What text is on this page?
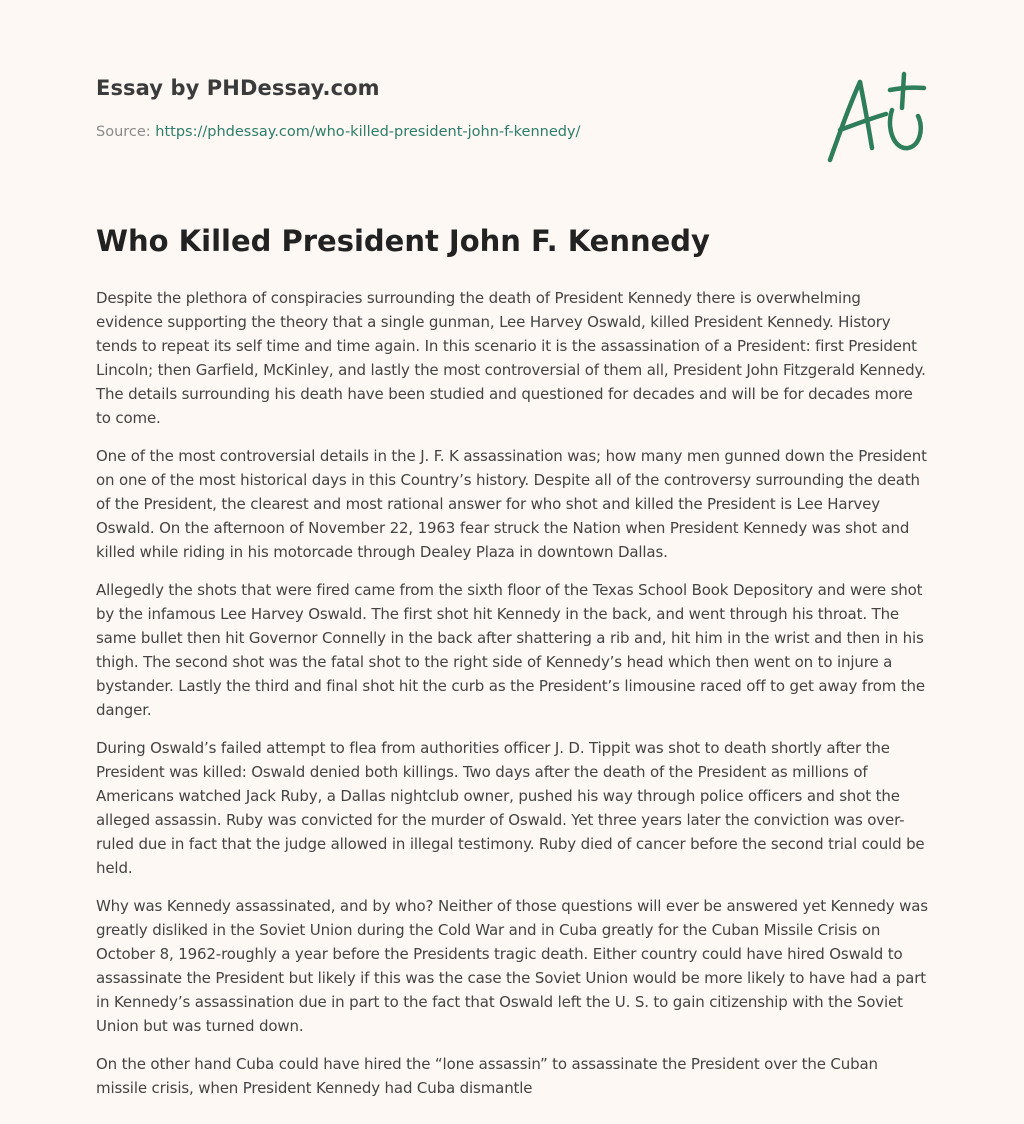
Essay by PHDessay.com
Source: https://phdessay.com/who-killed-president-john-f-kennedy/
Who Killed President John F. Kennedy

Despite the plethora of conspiracies surrounding the death of President Kennedy there is overwhelming evidence supporting the theory that a single gunman, Lee Harvey Oswald, killed President Kennedy. History tends to repeat its self time and time again. In this scenario it is the assassination of a President: first President Lincoln; then Garfield, McKinley, and lastly the most controversial of them all, President John Fitzgerald Kennedy. The details surrounding his death have been studied and questioned for decades and will be for decades more to come.

One of the most controversial details in the J. F. K assassination was; how many men gunned down the President on one of the most historical days in this Country’s history. Despite all of the controversy surrounding the death of the President, the clearest and most rational answer for who shot and killed the President is Lee Harvey Oswald. On the afternoon of November 22, 1963 fear struck the Nation when President Kennedy was shot and killed while riding in his motorcade through Dealey Plaza in downtown Dallas.

Allegedly the shots that were fired came from the sixth floor of the Texas School Book Depository and were shot by the infamous Lee Harvey Oswald. The first shot hit Kennedy in the back, and went through his throat. The same bullet then hit Governor Connelly in the back after shattering a rib and, hit him in the wrist and then in his thigh. The second shot was the fatal shot to the right side of Kennedy’s head which then went on to injure a bystander. Lastly the third and final shot hit the curb as the President’s limousine raced off to get away from the danger.

During Oswald’s failed attempt to flea from authorities officer J. D. Tippit was shot to death shortly after the President was killed: Oswald denied both killings. Two days after the death of the President as millions of Americans watched Jack Ruby, a Dallas nightclub owner, pushed his way through police officers and shot the alleged assassin. Ruby was convicted for the murder of Oswald. Yet three years later the conviction was over-ruled due in fact that the judge allowed in illegal testimony. Ruby died of cancer before the second trial could be held.

Why was Kennedy assassinated, and by who? Neither of those questions will ever be answered yet Kennedy was greatly disliked in the Soviet Union during the Cold War and in Cuba greatly for the Cuban Missile Crisis on October 8, 1962-roughly a year before the Presidents tragic death. Either country could have hired Oswald to assassinate the President but likely if this was the case the Soviet Union would be more likely to have had a part in Kennedy’s assassination due in part to the fact that Oswald left the U. S. to gain citizenship with the Soviet Union but was turned down.

On the other hand Cuba could have hired the “lone assassin” to assassinate the President over the Cuban missile crisis, when President Kennedy had Cuba dismantle
